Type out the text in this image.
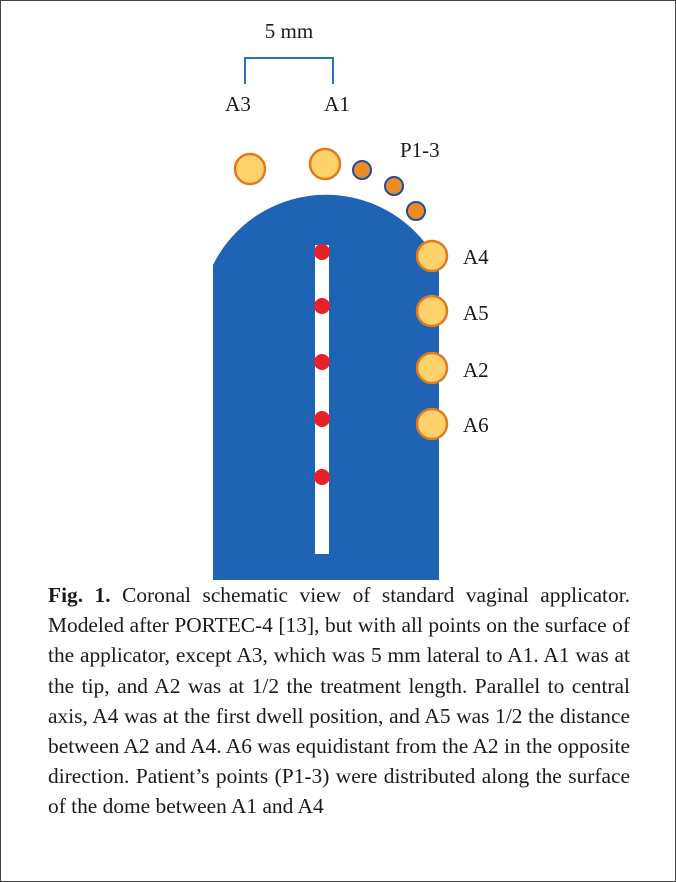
5 mm
A3	A1
P1-3
A4
A5
A2
A6

Fig. 1. Coronal schematic view of standard vaginal applicator. Modeled after PORTEC-4 [13], but with all points on the surface of the applicator, except A3, which was 5 mm lateral to A1. A1 was at the tip, and A2 was at 1/2 the treatment length. Parallel to central axis, A4 was at the first dwell position, and A5 was 1/2 the distance between A2 and A4. A6 was equidistant from the A2 in the opposite direction. Patient’s points (P1-3) were distributed along the surface of the dome between A1 and A4
